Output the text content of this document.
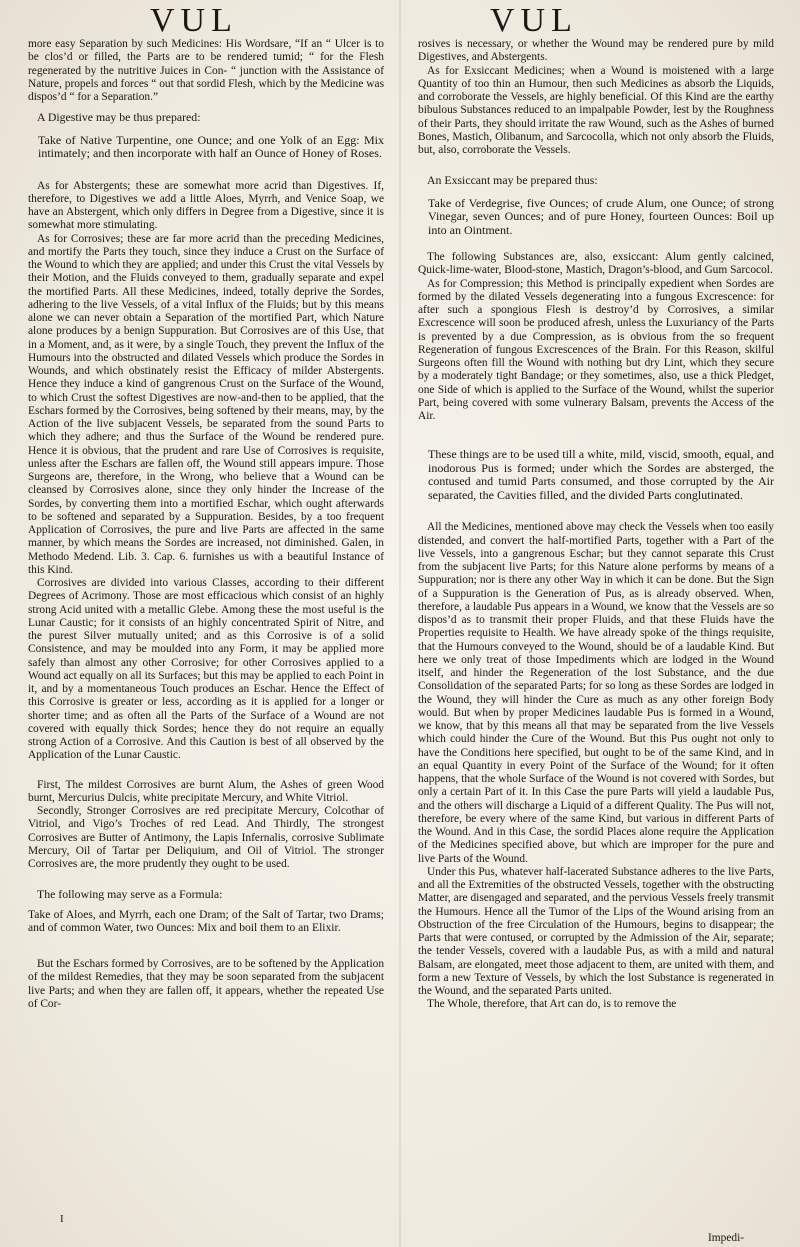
VUL	VUL

more easy Separation by such Medicines: His Wordsare, “If an “ Ulcer is to be clos’d or filled, the Parts are to be rendered tumid; “ for the Flesh regenerated by the nutritive Juices in Con- “ junction with the Assistance of Nature, propels and forces “ out that sordid Flesh, which by the Medicine was dispos’d “ for a Separation.”

A Digestive may be thus prepared:

Take of Native Turpentine, one Ounce; and one Yolk of an Egg: Mix intimately; and then incorporate with half an Ounce of Honey of Roses.

As for Abstergents; these are somewhat more acrid than Digestives. If, therefore, to Digestives we add a little Aloes, Myrrh, and Venice Soap, we have an Abstergent, which only differs in Degree from a Digestive, since it is somewhat more stimulating.

As for Corrosives; these are far more acrid than the preceding Medicines, and mortify the Parts they touch, since they induce a Crust on the Surface of the Wound to which they are applied; and under this Crust the vital Vessels by their Motion, and the Fluids conveyed to them, gradually separate and expel the mortified Parts. All these Medicines, indeed, totally deprive the Sordes, adhering to the live Vessels, of a vital Influx of the Fluids; but by this means alone we can never obtain a Separation of the mortified Part, which Nature alone produces by a benign Suppuration. But Corrosives are of this Use, that in a Moment, and, as it were, by a single Touch, they prevent the Influx of the Humours into the obstructed and dilated Vessels which produce the Sordes in Wounds, and which obstinately resist the Efficacy of milder Abstergents. Hence they induce a kind of gangrenous Crust on the Surface of the Wound, to which Crust the softest Digestives are now-and-then to be applied, that the Eschars formed by the Corrosives, being softened by their means, may, by the Action of the live subjacent Vessels, be separated from the sound Parts to which they adhere; and thus the Surface of the Wound be rendered pure. Hence it is obvious, that the prudent and rare Use of Corrosives is requisite, unless after the Eschars are fallen off, the Wound still appears impure. Those Surgeons are, therefore, in the Wrong, who believe that a Wound can be cleansed by Corrosives alone, since they only hinder the Increase of the Sordes, by converting them into a mortified Eschar, which ought afterwards to be softened and separated by a Suppuration. Besides, by a too frequent Application of Corrosives, the pure and live Parts are affected in the same manner, by which means the Sordes are increased, not diminished. Galen, in Methodo Medend. Lib. 3. Cap. 6. furnishes us with a beautiful Instance of this Kind.

Corrosives are divided into various Classes, according to their different Degrees of Acrimony. Those are most efficacious which consist of an highly strong Acid united with a metallic Glebe. Among these the most useful is the Lunar Caustic; for it consists of an highly concentrated Spirit of Nitre, and the purest Silver mutually united; and as this Corrosive is of a solid Consistence, and may be moulded into any Form, it may be applied more safely than almost any other Corrosive; for other Corrosives applied to a Wound act equally on all its Surfaces; but this may be applied to each Point in it, and by a momentaneous Touch produces an Eschar. Hence the Effect of this Corrosive is greater or less, according as it is applied for a longer or shorter time; and as often all the Parts of the Surface of a Wound are not covered with equally thick Sordes; hence they do not require an equally strong Action of a Corrosive. And this Caution is best of all observed by the Application of the Lunar Caustic.

First, The mildest Corrosives are burnt Alum, the Ashes of green Wood burnt, Mercurius Dulcis, white precipitate Mercury, and White Vitriol.

Secondly, Stronger Corrosives are red precipitate Mercury, Colcothar of Vitriol, and Vigo’s Troches of red Lead. And Thirdly, The strongest Corrosives are Butter of Antimony, the Lapis Infernalis, corrosive Sublimate Mercury, Oil of Tartar per Deliquium, and Oil of Vitriol. The stronger Corrosives are, the more prudently they ought to be used.

The following may serve as a Formula:

Take of Aloes, and Myrrh, each one Dram; of the Salt of Tartar, two Drams; and of common Water, two Ounces: Mix and boil them to an Elixir.

But the Eschars formed by Corrosives, are to be softened by the Application of the mildest Remedies, that they may be soon separated from the subjacent live Parts; and when they are fallen off, it appears, whether the repeated Use of Cor-

rosives is necessary, or whether the Wound may be rendered pure by mild Digestives, and Abstergents.

As for Exsiccant Medicines; when a Wound is moistened with a large Quantity of too thin an Humour, then such Medicines as absorb the Liquids, and corroborate the Vessels, are highly beneficial. Of this Kind are the earthy bibulous Substances reduced to an impalpable Powder, lest by the Roughness of their Parts, they should irritate the raw Wound, such as the Ashes of burned Bones, Mastich, Olibanum, and Sarcocolla, which not only absorb the Fluids, but, also, corroborate the Vessels.

An Exsiccant may be prepared thus:

Take of Verdegrise, five Ounces; of crude Alum, one Ounce; of strong Vinegar, seven Ounces; and of pure Honey, fourteen Ounces: Boil up into an Ointment.

The following Substances are, also, exsiccant: Alum gently calcined, Quick-lime-water, Blood-stone, Mastich, Dragon’s-blood, and Gum Sarcocol.

As for Compression; this Method is principally expedient when Sordes are formed by the dilated Vessels degenerating into a fungous Excrescence: for after such a spongious Flesh is destroy’d by Corrosives, a similar Excrescence will soon be produced afresh, unless the Luxuriancy of the Parts is prevented by a due Compression, as is obvious from the so frequent Regeneration of fungous Excrescences of the Brain. For this Reason, skilful Surgeons often fill the Wound with nothing but dry Lint, which they secure by a moderately tight Bandage; or they sometimes, also, use a thick Pledget, one Side of which is applied to the Surface of the Wound, whilst the superior Part, being covered with some vulnerary Balsam, prevents the Access of the Air.

These things are to be used till a white, mild, viscid, smooth, equal, and inodorous Pus is formed; under which the Sordes are absterged, the contused and tumid Parts consumed, and those corrupted by the Air separated, the Cavities filled, and the divided Parts conglutinated.

All the Medicines, mentioned above may check the Vessels when too easily distended, and convert the half-mortified Parts, together with a Part of the live Vessels, into a gangrenous Eschar; but they cannot separate this Crust from the subjacent live Parts; for this Nature alone performs by means of a Suppuration; nor is there any other Way in which it can be done. But the Sign of a Suppuration is the Generation of Pus, as is already observed. When, therefore, a laudable Pus appears in a Wound, we know that the Vessels are so dispos’d as to transmit their proper Fluids, and that these Fluids have the Properties requisite to Health. We have already spoke of the things requisite, that the Humours conveyed to the Wound, should be of a laudable Kind. But here we only treat of those Impediments which are lodged in the Wound itself, and hinder the Regeneration of the lost Substance, and the due Consolidation of the separated Parts; for so long as these Sordes are lodged in the Wound, they will hinder the Cure as much as any other foreign Body would. But when by proper Medicines laudable Pus is formed in a Wound, we know, that by this means all that may be separated from the live Vessels which could hinder the Cure of the Wound. But this Pus ought not only to have the Conditions here specified, but ought to be of the same Kind, and in an equal Quantity in every Point of the Surface of the Wound; for it often happens, that the whole Surface of the Wound is not covered with Sordes, but only a certain Part of it. In this Case the pure Parts will yield a laudable Pus, and the others will discharge a Liquid of a different Quality. The Pus will not, therefore, be every where of the same Kind, but various in different Parts of the Wound. And in this Case, the sordid Places alone require the Application of the Medicines specified above, but which are improper for the pure and live Parts of the Wound.

Under this Pus, whatever half-lacerated Substance adheres to the live Parts, and all the Extremities of the obstructed Vessels, together with the obstructing Matter, are disengaged and separated, and the pervious Vessels freely transmit the Humours. Hence all the Tumor of the Lips of the Wound arising from an Obstruction of the free Circulation of the Humours, begins to disappear; the Parts that were contused, or corrupted by the Admission of the Air, separate; the tender Vessels, covered with a laudable Pus, as with a mild and natural Balsam, are elongated, meet those adjacent to them, are united with them, and form a new Texture of Vessels, by which the lost Substance is regenerated in the Wound, and the separated Parts united.

The Whole, therefore, that Art can do, is to remove the

I
Impedi-
